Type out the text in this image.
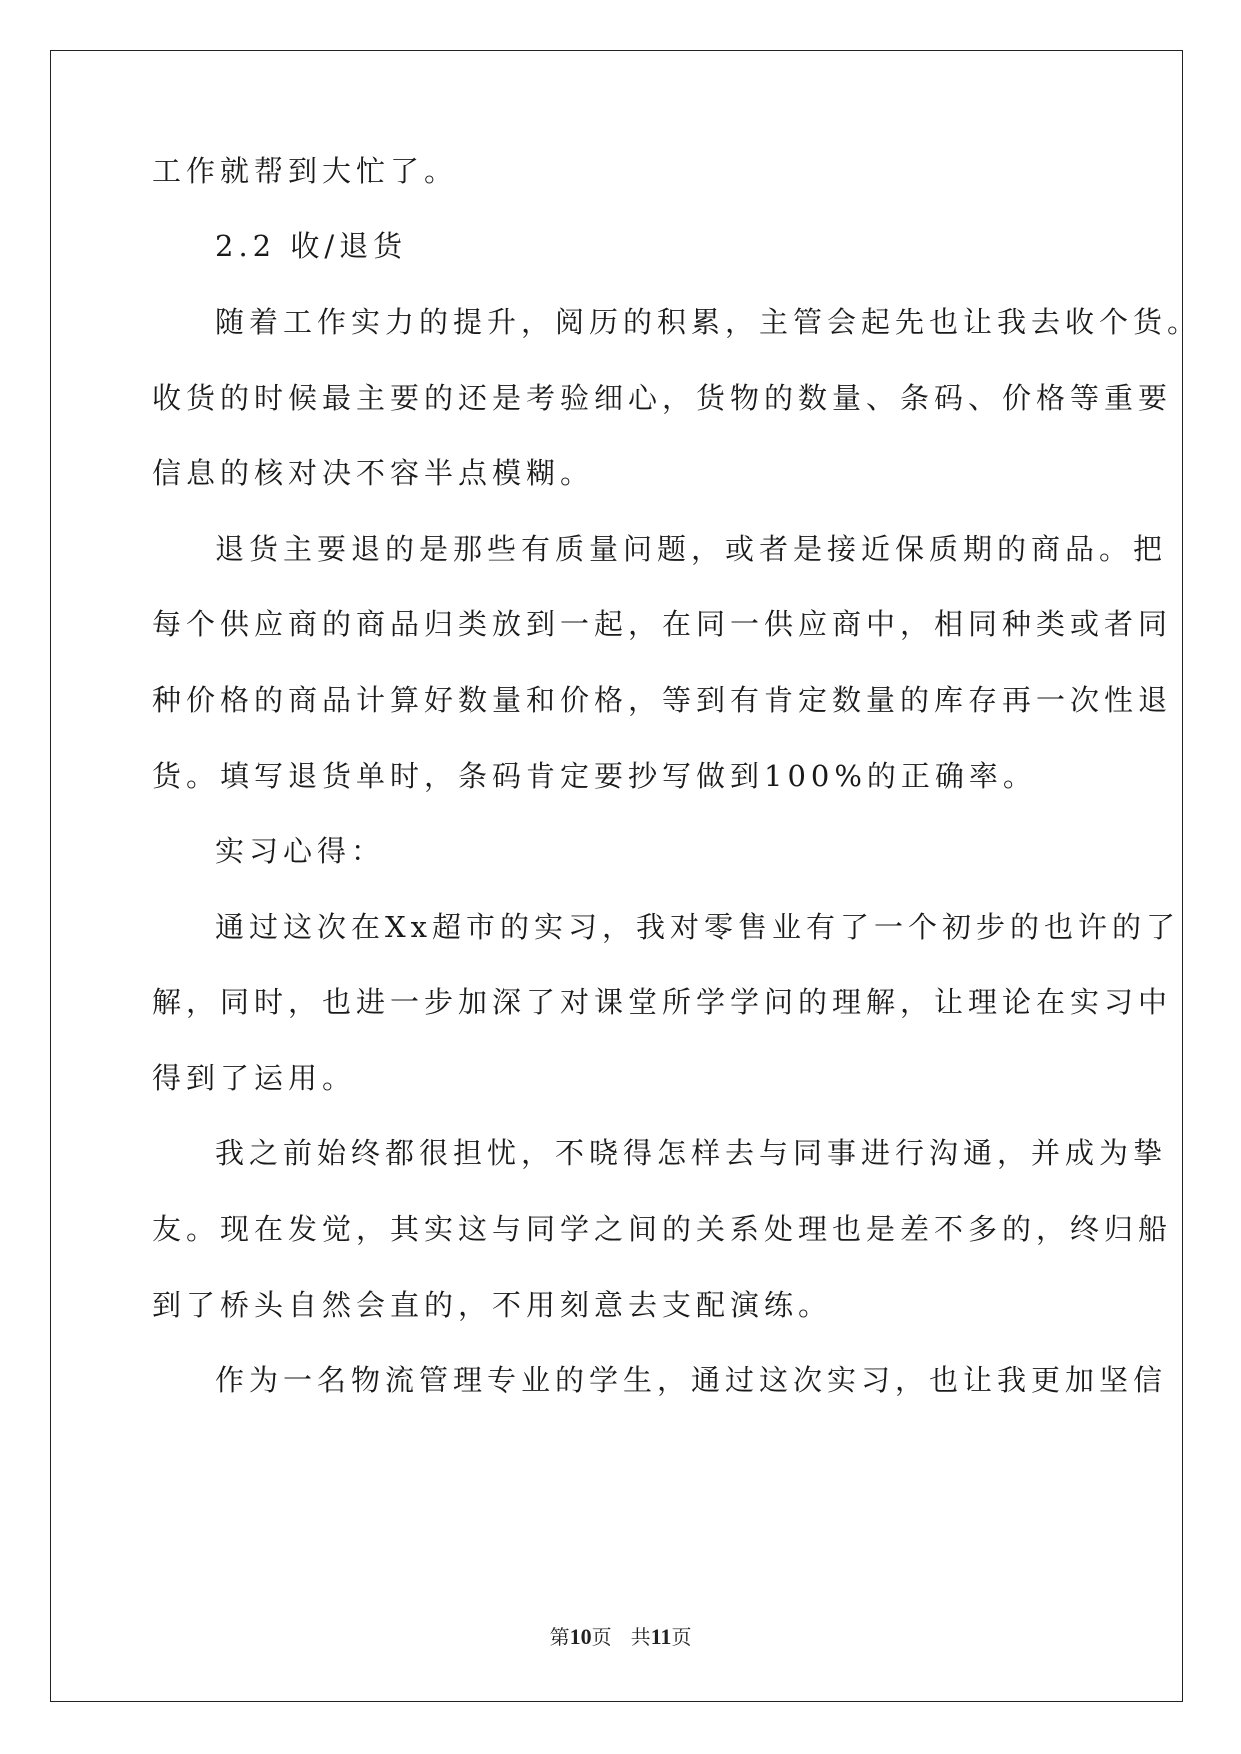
工作就帮到大忙了。
2.2 收/退货
随着工作实力的提升，阅历的积累，主管会起先也让我去收个货。
收货的时候最主要的还是考验细心，货物的数量、条码、价格等重要
信息的核对决不容半点模糊。
退货主要退的是那些有质量问题，或者是接近保质期的商品。把
每个供应商的商品归类放到一起，在同一供应商中，相同种类或者同
种价格的商品计算好数量和价格，等到有肯定数量的库存再一次性退
货。填写退货单时，条码肯定要抄写做到100%的正确率。
实习心得：
通过这次在Xx超市的实习，我对零售业有了一个初步的也许的了
解，同时，也进一步加深了对课堂所学学问的理解，让理论在实习中
得到了运用。
我之前始终都很担忧，不晓得怎样去与同事进行沟通，并成为挚
友。现在发觉，其实这与同学之间的关系处理也是差不多的，终归船
到了桥头自然会直的，不用刻意去支配演练。
作为一名物流管理专业的学生，通过这次实习，也让我更加坚信
第10页   共11页
